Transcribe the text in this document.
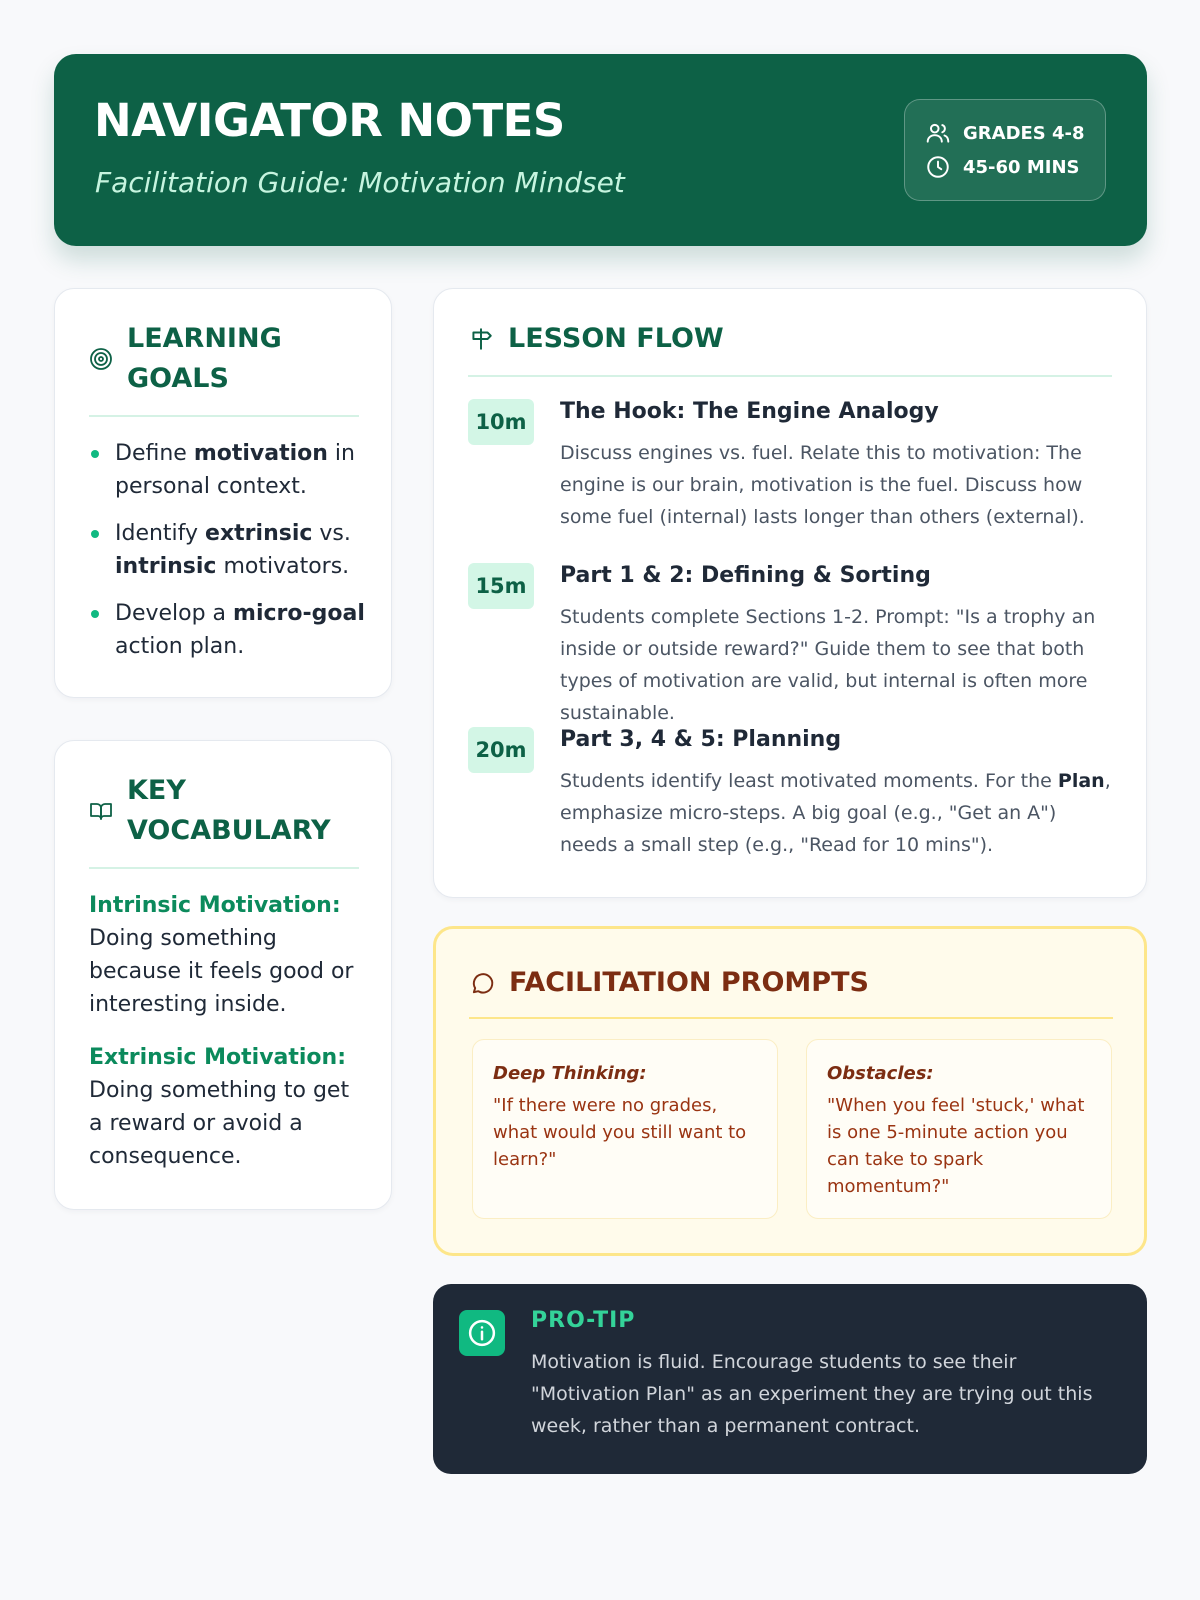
NAVIGATOR NOTES
Facilitation Guide: Motivation Mindset
GRADES 4-8
45-60 MINS
LEARNING
GOALS
Define motivation in personal context.
Identify extrinsic vs. intrinsic motivators.
Develop a micro-goal action plan.
KEY
VOCABULARY
Intrinsic Motivation:
Doing something because it feels good or interesting inside.
Extrinsic Motivation:
Doing something to get a reward or avoid a consequence.
LESSON FLOW
10m	The Hook: The Engine Analogy
Discuss engines vs. fuel. Relate this to motivation: The engine is our brain, motivation is the fuel. Discuss how some fuel (internal) lasts longer than others (external).
15m	Part 1 & 2: Defining & Sorting
Students complete Sections 1-2. Prompt: "Is a trophy an inside or outside reward?" Guide them to see that both types of motivation are valid, but internal is often more sustainable.
20m	Part 3, 4 & 5: Planning
Students identify least motivated moments. For the Plan, emphasize micro-steps. A big goal (e.g., "Get an A") needs a small step (e.g., "Read for 10 mins").
FACILITATION PROMPTS
Deep Thinking:
"If there were no grades, what would you still want to learn?"
Obstacles:
"When you feel 'stuck,' what is one 5-minute action you can take to spark momentum?"
PRO-TIP
Motivation is fluid. Encourage students to see their "Motivation Plan" as an experiment they are trying out this week, rather than a permanent contract.
